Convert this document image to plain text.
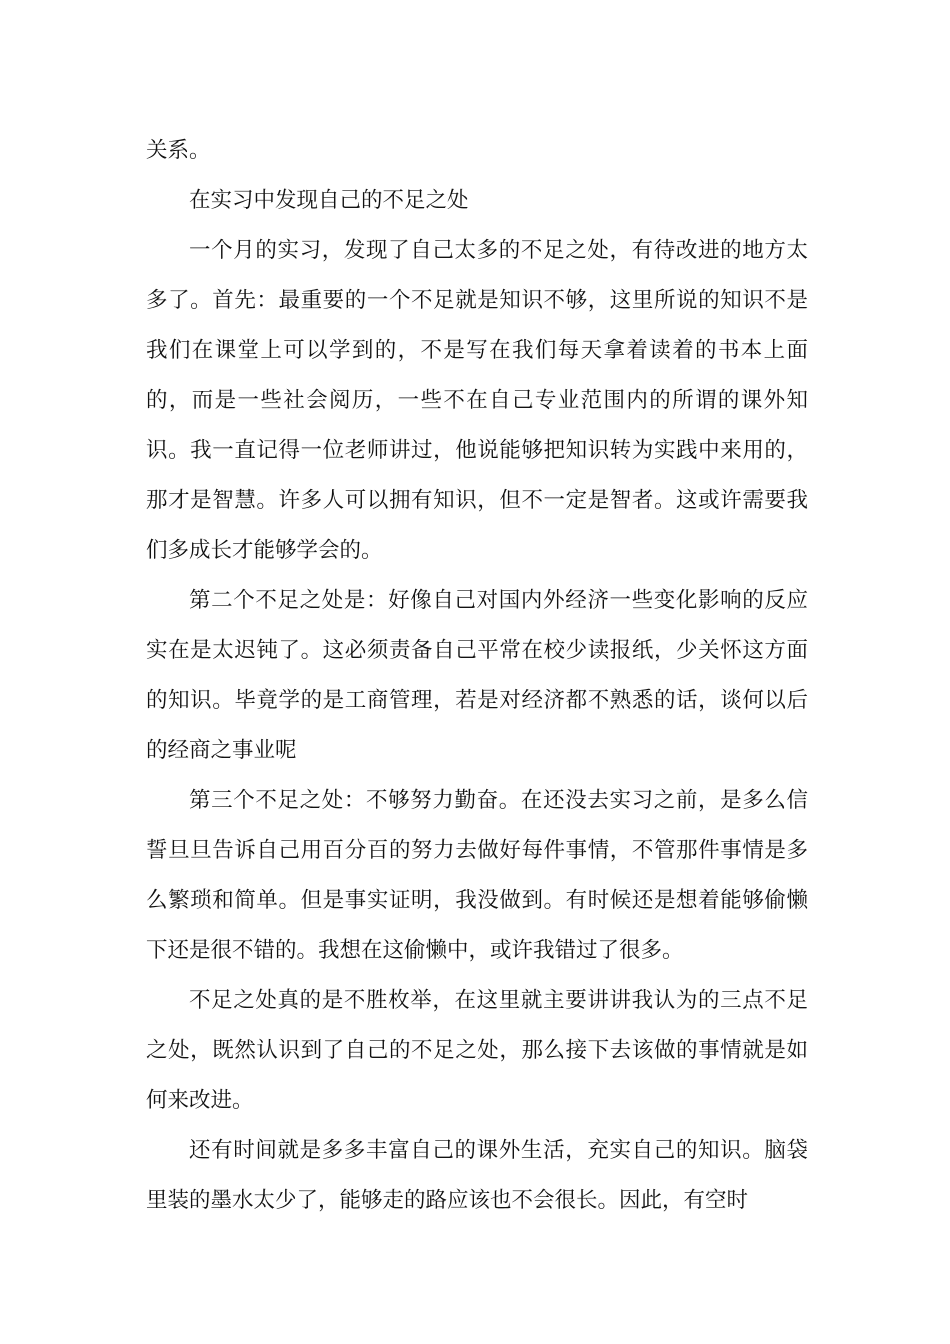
关系。

在实习中发现自己的不足之处

一个月的实习，发现了自己太多的不足之处，有待改进的地方太多了。首先：最重要的一个不足就是知识不够，这里所说的知识不是我们在课堂上可以学到的，不是写在我们每天拿着读着的书本上面的，而是一些社会阅历，一些不在自己专业范围内的所谓的课外知识。我一直记得一位老师讲过，他说能够把知识转为实践中来用的，那才是智慧。许多人可以拥有知识，但不一定是智者。这或许需要我们多成长才能够学会的。

第二个不足之处是：好像自己对国内外经济一些变化影响的反应实在是太迟钝了。这必须责备自己平常在校少读报纸，少关怀这方面的知识。毕竟学的是工商管理，若是对经济都不熟悉的话，谈何以后的经商之事业呢

第三个不足之处：不够努力勤奋。在还没去实习之前，是多么信誓旦旦告诉自己用百分百的努力去做好每件事情，不管那件事情是多么繁琐和简单。但是事实证明，我没做到。有时候还是想着能够偷懒下还是很不错的。我想在这偷懒中，或许我错过了很多。

不足之处真的是不胜枚举，在这里就主要讲讲我认为的三点不足之处，既然认识到了自己的不足之处，那么接下去该做的事情就是如何来改进。

还有时间就是多多丰富自己的课外生活，充实自己的知识。脑袋里装的墨水太少了，能够走的路应该也不会很长。因此，有空时
